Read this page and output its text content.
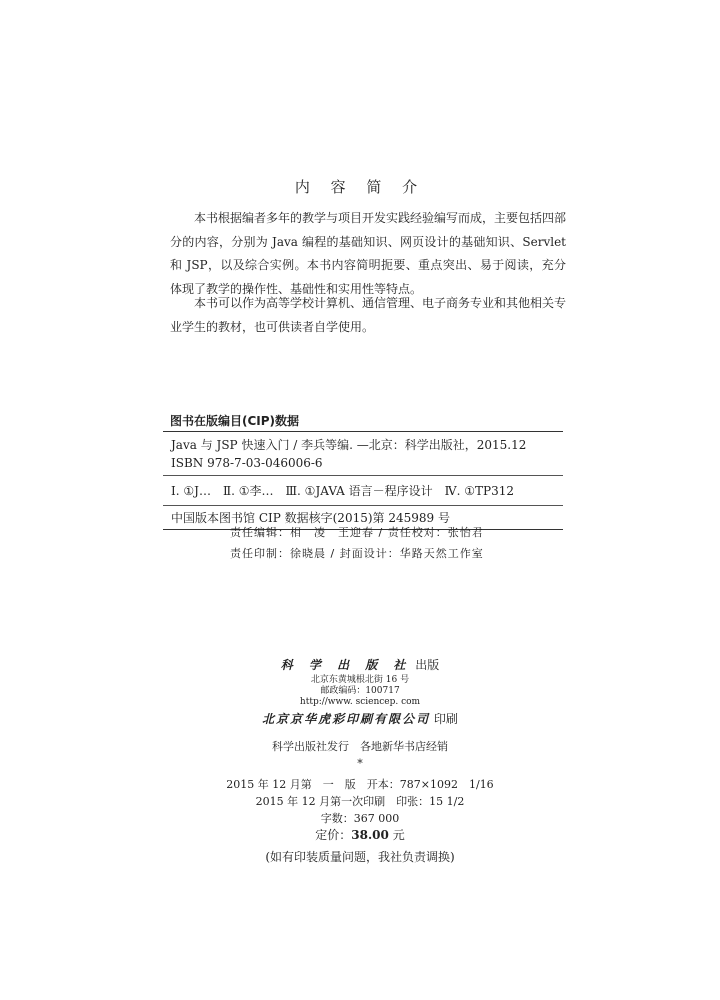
内 容 简 介

本书根据编者多年的教学与项目开发实践经验编写而成，主要包括四部分的内容，分别为 Java 编程的基础知识、网页设计的基础知识、Servlet 和 JSP，以及综合实例。本书内容简明扼要、重点突出、易于阅读，充分体现了教学的操作性、基础性和实用性等特点。

本书可以作为高等学校计算机、通信管理、电子商务专业和其他相关专业学生的教材，也可供读者自学使用。

图书在版编目(CIP)数据
Java 与 JSP 快速入门 / 李兵等编. —北京：科学出版社，2015.12
ISBN 978-7-03-046006-6
Ⅰ. ①J…　Ⅱ. ①李…　Ⅲ. ①JAVA 语言－程序设计　Ⅳ. ①TP312
中国版本图书馆 CIP 数据核字(2015)第 245989 号
责任编辑：相　凌　王迎春 / 责任校对：张怡君
责任印制：徐晓晨 / 封面设计：华路天然工作室
科 学 出 版 社 出版
北京东黄城根北街 16 号
邮政编码：100717
http://www. sciencep. com
北京京华虎彩印刷有限公司 印刷
科学出版社发行　各地新华书店经销
*
2015 年 12 月第　一　版　开本：787×1092　1/16
2015 年 12 月第一次印刷　印张：15 1/2
字数：367 000
定价：38.00 元
(如有印装质量问题，我社负责调换)
